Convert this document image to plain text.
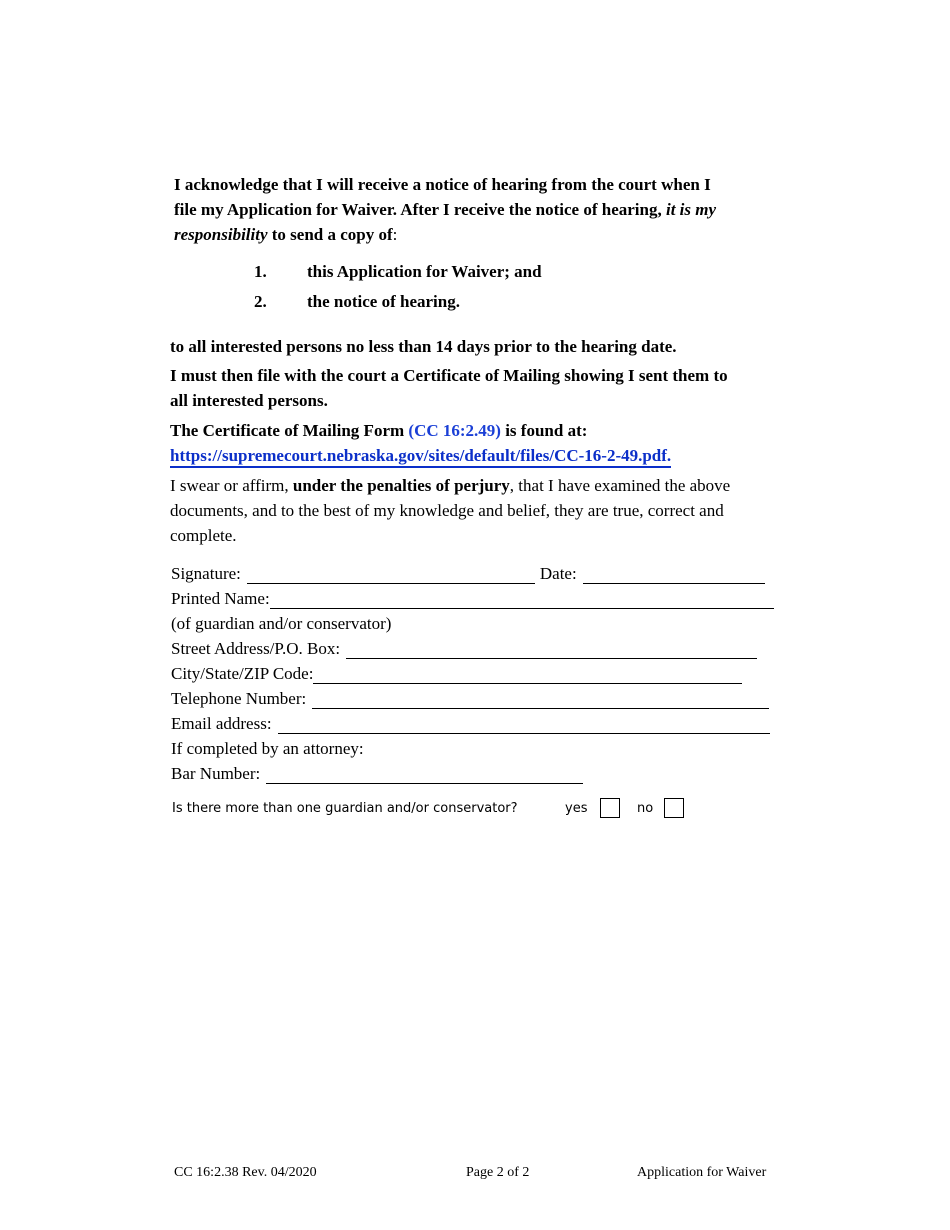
I acknowledge that I will receive a notice of hearing from the court when I
file my Application for Waiver. After I receive the notice of hearing, it is my
responsibility to send a copy of:
1. this Application for Waiver; and
2. the notice of hearing.
to all interested persons no less than 14 days prior to the hearing date.
I must then file with the court a Certificate of Mailing showing I sent them to
all interested persons.
The Certificate of Mailing Form (CC 16:2.49) is found at:
https://supremecourt.nebraska.gov/sites/default/files/CC-16-2-49.pdf.
I swear or affirm, under the penalties of perjury, that I have examined the above
documents, and to the best of my knowledge and belief, they are true, correct and
complete.
Signature:	Date:
Printed Name:
(of guardian and/or conservator)
Street Address/P.O. Box:
City/State/ZIP Code:
Telephone Number:
Email address:
If completed by an attorney:
Bar Number:
Is there more than one guardian and/or conservator?	yes	no
CC 16:2.38 Rev. 04/2020	Page 2 of 2	Application for Waiver
